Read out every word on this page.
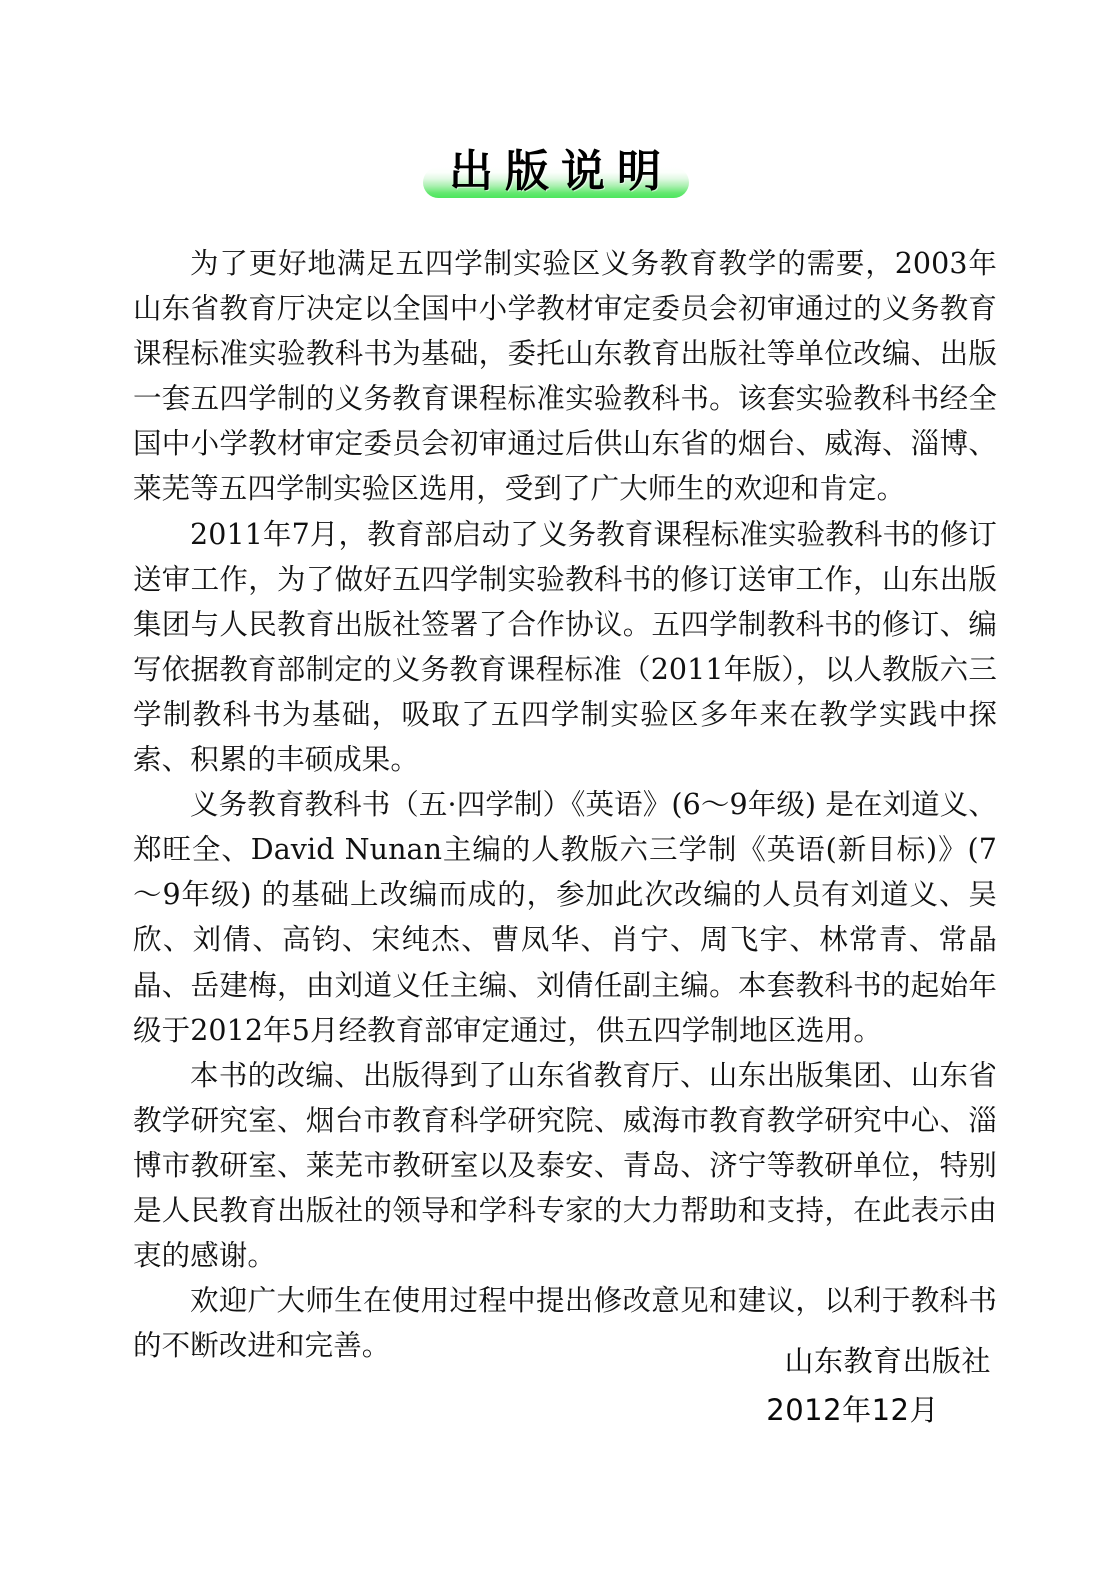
出版说明

为了更好地满足五四学制实验区义务教育教学的需要，2003年山东省教育厅决定以全国中小学教材审定委员会初审通过的义务教育课程标准实验教科书为基础，委托山东教育出版社等单位改编、出版一套五四学制的义务教育课程标准实验教科书。该套实验教科书经全国中小学教材审定委员会初审通过后供山东省的烟台、威海、淄博、莱芜等五四学制实验区选用，受到了广大师生的欢迎和肯定。

2011年7月，教育部启动了义务教育课程标准实验教科书的修订送审工作，为了做好五四学制实验教科书的修订送审工作，山东出版集团与人民教育出版社签署了合作协议。五四学制教科书的修订、编写依据教育部制定的义务教育课程标准（2011年版），以人教版六三学制教科书为基础，吸取了五四学制实验区多年来在教学实践中探索、积累的丰硕成果。

义务教育教科书（五·四学制）《英语》(6～9年级) 是在刘道义、郑旺全、David Nunan主编的人教版六三学制《英语(新目标)》(7～9年级) 的基础上改编而成的，参加此次改编的人员有刘道义、吴欣、刘倩、高钧、宋纯杰、曹凤华、肖宁、周飞宇、林常青、常晶晶、岳建梅，由刘道义任主编、刘倩任副主编。本套教科书的起始年级于2012年5月经教育部审定通过，供五四学制地区选用。

本书的改编、出版得到了山东省教育厅、山东出版集团、山东省教学研究室、烟台市教育科学研究院、威海市教育教学研究中心、淄博市教研室、莱芜市教研室以及泰安、青岛、济宁等教研单位，特别是人民教育出版社的领导和学科专家的大力帮助和支持，在此表示由衷的感谢。

欢迎广大师生在使用过程中提出修改意见和建议，以利于教科书的不断改进和完善。	山东教育出版社
2012年12月
